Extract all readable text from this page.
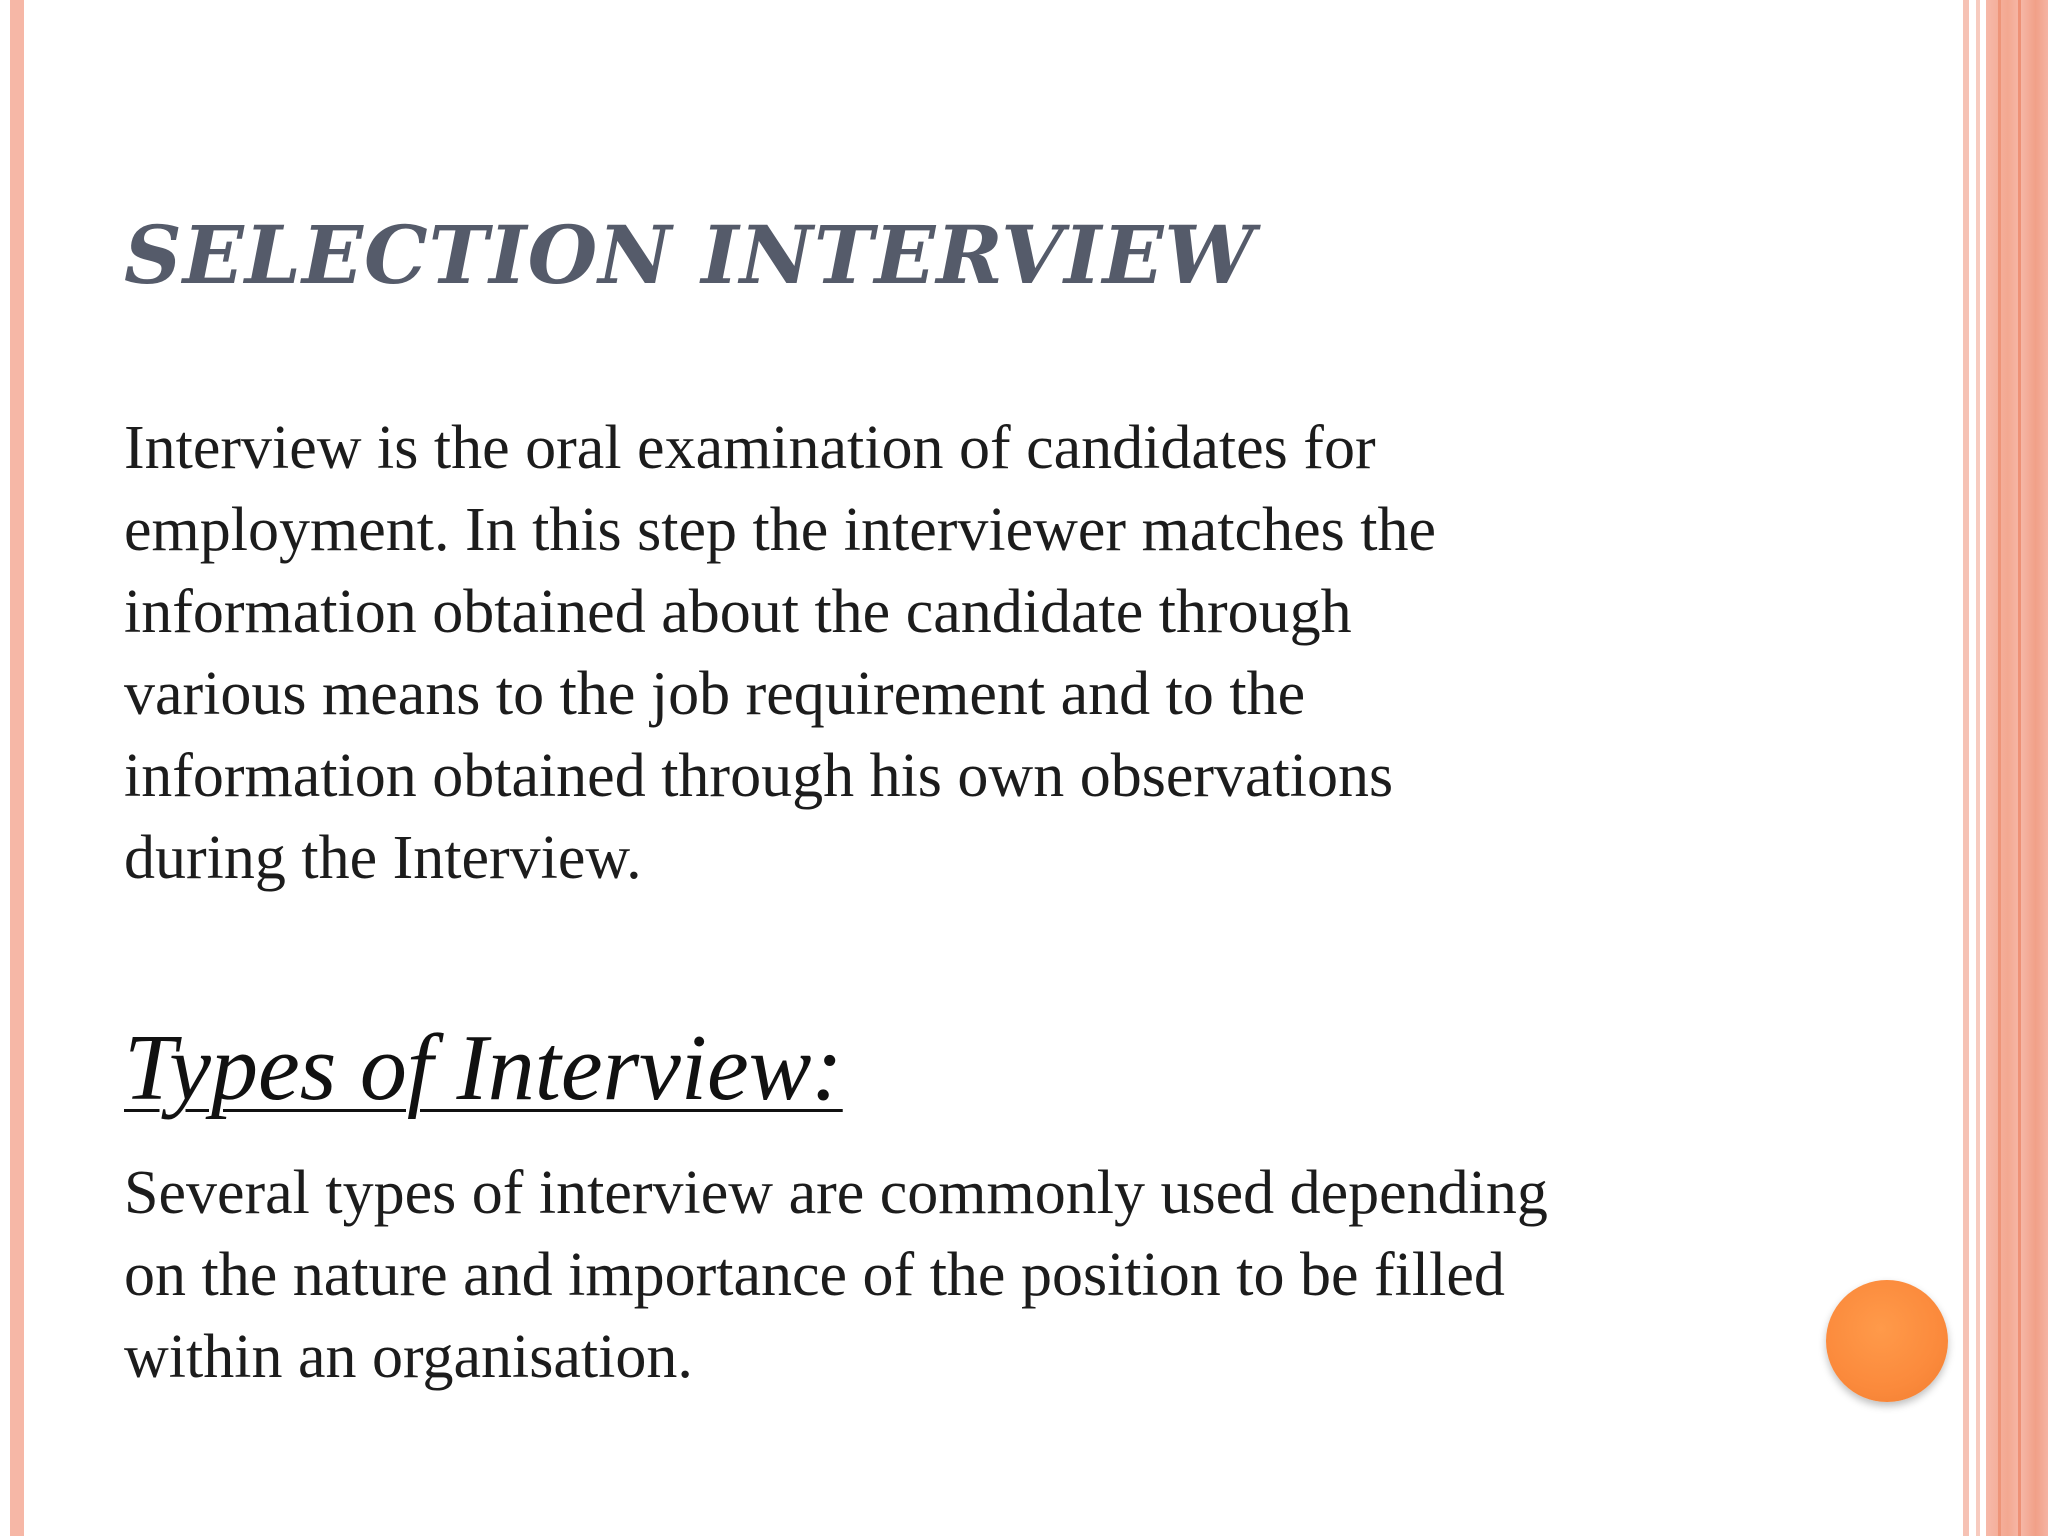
SELECTION INTERVIEW

Interview is the oral examination of candidates for
employment. In this step the interviewer matches the
information obtained about the candidate through
various means to the job requirement and to the
information obtained through his own observations
during the Interview.

Types of Interview:

Several types of interview are commonly used depending
on the nature and importance of the position to be filled
within an organisation.
